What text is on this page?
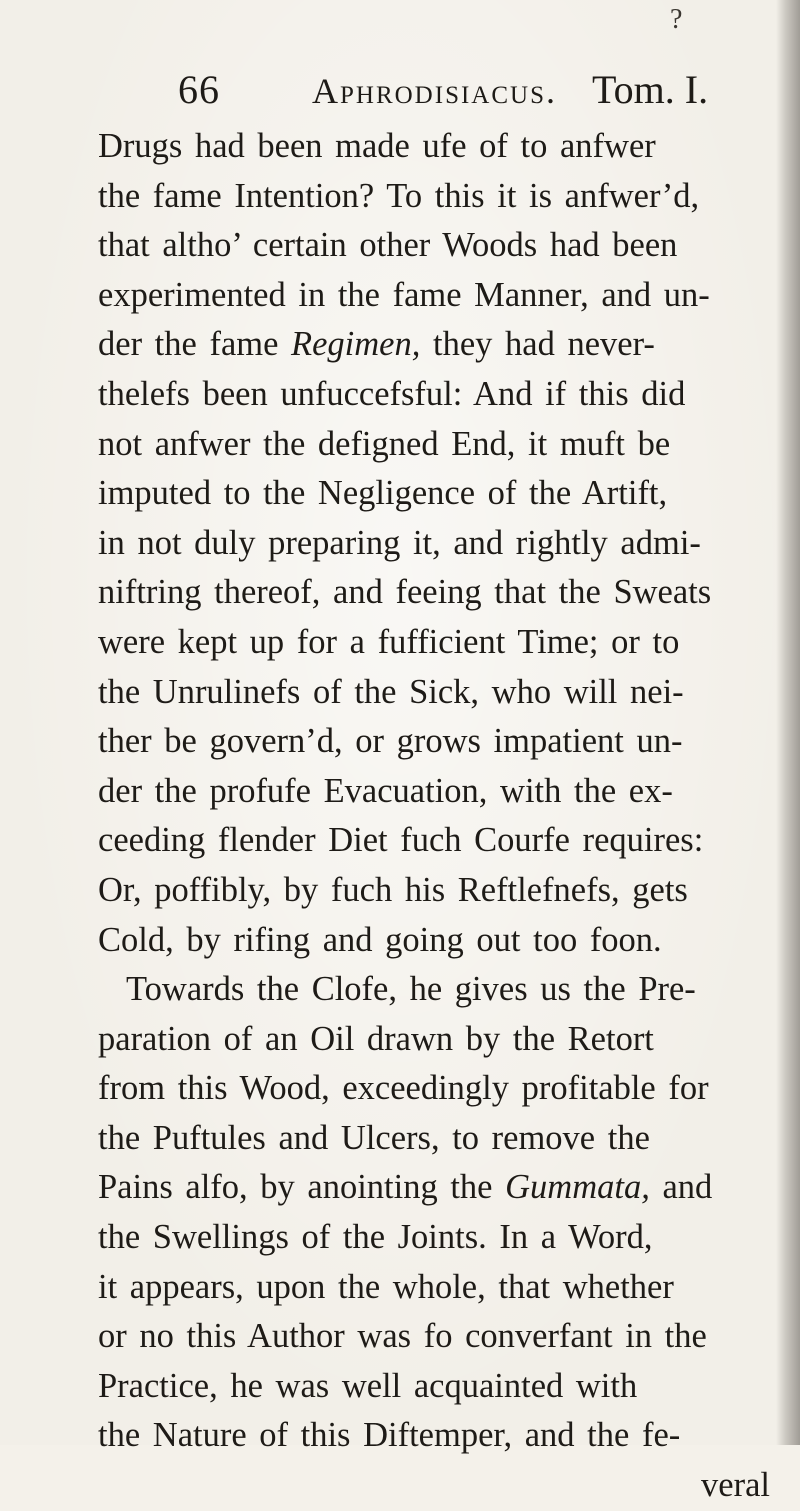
?
66	Aphrodisiacus. Tom. I.
Drugs had been made ufe of to anfwer
the fame Intention? To this it is anfwer’d,
that altho’ certain other Woods had been
experimented in the fame Manner, and un-
der the fame Regimen, they had never-
thelefs been unfuccefsful: And if this did
not anfwer the defigned End, it muft be
imputed to the Negligence of the Artift,
in not duly preparing it, and rightly admi-
niftring thereof, and feeing that the Sweats
were kept up for a fufficient Time; or to
the Unrulinefs of the Sick, who will nei-
ther be govern’d, or grows impatient un-
der the profufe Evacuation, with the ex-
ceeding flender Diet fuch Courfe requires:
Or, poffibly, by fuch his Reftlefnefs, gets
Cold, by rifing and going out too foon.
Towards the Clofe, he gives us the Pre-
paration of an Oil drawn by the Retort
from this Wood, exceedingly profitable for
the Puftules and Ulcers, to remove the
Pains alfo, by anointing the Gummata, and
the Swellings of the Joints. In a Word,
it appears, upon the whole, that whether
or no this Author was fo converfant in the
Practice, he was well acquainted with
the Nature of this Diftemper, and the fe-
veral
